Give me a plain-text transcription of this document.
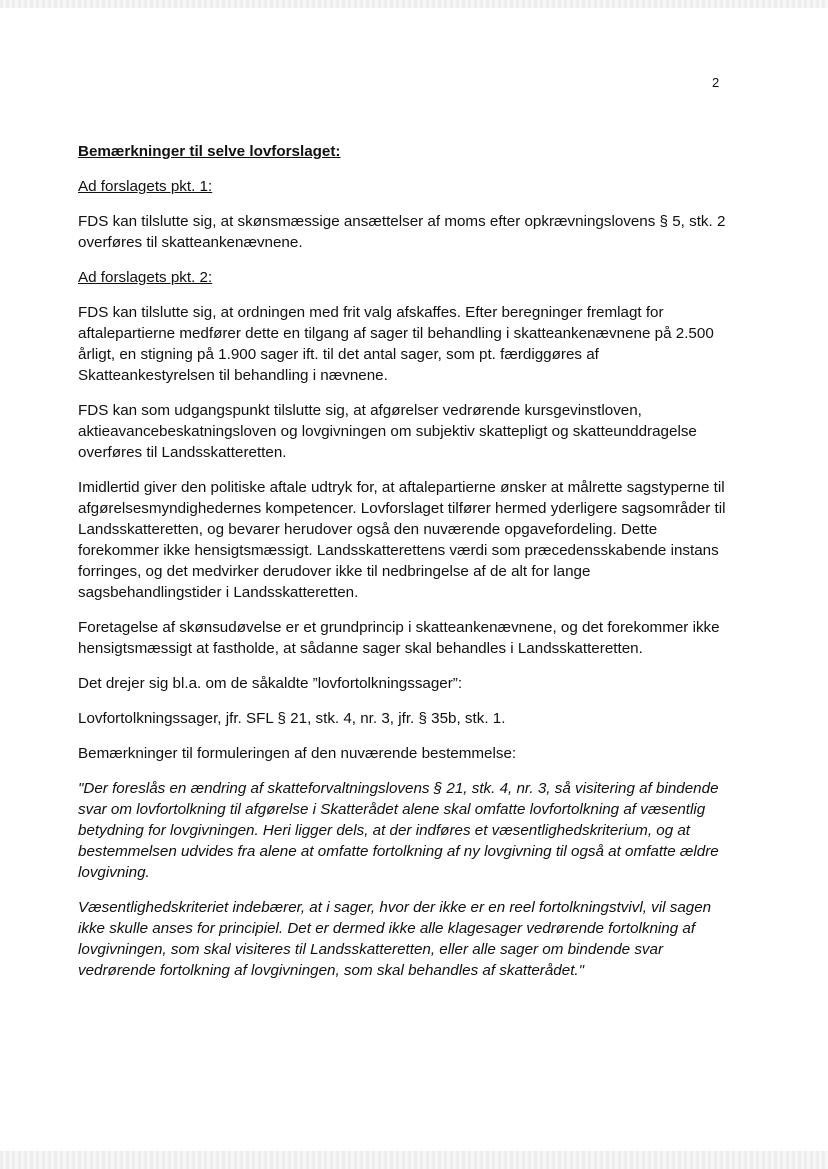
2

Bemærkninger til selve lovforslaget:

Ad forslagets pkt. 1:

FDS kan tilslutte sig, at skønsmæssige ansættelser af moms efter opkrævningslovens § 5, stk. 2 overføres til skatteankenævnene.

Ad forslagets pkt. 2:

FDS kan tilslutte sig, at ordningen med frit valg afskaffes. Efter beregninger fremlagt for aftalepartierne medfører dette en tilgang af sager til behandling i skatteankenævnene på 2.500 årligt, en stigning på 1.900 sager ift. til det antal sager, som pt. færdiggøres af Skatteankestyrelsen til behandling i nævnene.

FDS kan som udgangspunkt tilslutte sig, at afgørelser vedrørende kursgevinstloven, aktieavancebeskatningsloven og lovgivningen om subjektiv skattepligt og skatteunddragelse overføres til Landsskatteretten.

Imidlertid giver den politiske aftale udtryk for, at aftalepartierne ønsker at målrette sagstyperne til afgørelsesmyndighedernes kompetencer. Lovforslaget tilfører hermed yderligere sagsområder til Landsskatteretten, og bevarer herudover også den nuværende opgavefordeling. Dette forekommer ikke hensigtsmæssigt. Landsskatterettens værdi som præcedensskabende instans forringes, og det medvirker derudover ikke til nedbringelse af de alt for lange sagsbehandlingstider i Landsskatteretten.

Foretagelse af skønsudøvelse er et grundprincip i skatteankenævnene, og det forekommer ikke hensigtsmæssigt at fastholde, at sådanne sager skal behandles i Landsskatteretten.

Det drejer sig bl.a. om de såkaldte ”lovfortolkningssager”:

Lovfortolkningssager, jfr. SFL § 21, stk. 4, nr. 3, jfr. § 35b, stk. 1.

Bemærkninger til formuleringen af den nuværende bestemmelse:

"Der foreslås en ændring af skatteforvaltningslovens § 21, stk. 4, nr. 3, så visitering af bindende svar om lovfortolkning til afgørelse i Skatterådet alene skal omfatte lovfortolkning af væsentlig betydning for lovgivningen. Heri ligger dels, at der indføres et væsentlighedskriterium, og at bestemmelsen udvides fra alene at omfatte fortolkning af ny lovgivning til også at omfatte ældre lovgivning.

Væsentlighedskriteriet indebærer, at i sager, hvor der ikke er en reel fortolkningstvivl, vil sagen ikke skulle anses for principiel. Det er dermed ikke alle klagesager vedrørende fortolkning af lovgivningen, som skal visiteres til Landsskatteretten, eller alle sager om bindende svar vedrørende fortolkning af lovgivningen, som skal behandles af skatterådet."
